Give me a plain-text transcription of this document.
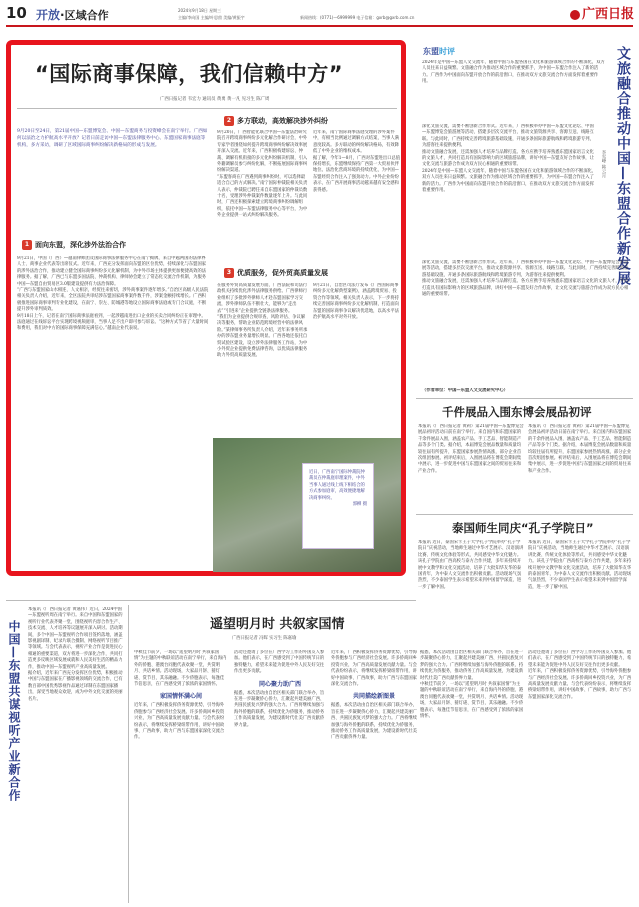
10 开放·区域合作	2024年9月18日 星期三
主编/李向国 主编/叶思茵 美编/黄振宇	新闻热线：(0771)—6999999 电子信箱：gxrb@gxrb.com.cn	广西日报
“国际商事保障，我们信赖中方”
广西日报记者 韦宏力 通讯员 黄勇 黄一凡 见习生 陈广周
9月20日至24日，第21届中国—东盟博览会、中国—东盟商务与投资峰会在南宁举行。广西如何以法治之力护航高水平开放？记者日前走访中国—东盟法律服务中心、东盟国家商事法庭等机构，多方采访，调研了区域国际商事纠纷解决新格局的形成与发展。
1 面向东盟，深化涉外法治合作
9月21日，中国（广西）—越南律师团及国际商事法律服务中心在南宁揭牌，来自中越两国的法律界人士、商事企业代表等出席仪式。近年来，广西充分发挥面向东盟的区位优势，持续深化与东盟国家的涉外法治合作，推动建立健全国际商事纠纷多元化解机制，为中外市场主体提供更加便捷高效的法律服务。据了解，广西已与东盟多国法院、仲裁机构、律师协会建立了常态化交流合作机制，为服务中国—东盟自由贸易区3.0版建设提供有力法治保障。
“广西与东盟国家山水相连、人文相亲，经贸往来密切，涉外商事案件逐年增多。”自治区高级人民法院相关负责人介绍，近年来，全区法院共审结涉东盟国家商事案件数千件，涉案金额持续增长。广西积极推进国际商事审判专业化建设，在南宁、崇左、防城港等地设立国际商事法庭或专门合议庭，不断提升涉外审判质效。
9月18日上午，记者在南宁国际商事法庭看到，一起涉越南进出口企业的买卖合同纠纷正在审理中。法庭通过在线诉讼平台实现跨境视频庭审，当事人足不出户即可参与诉讼。“这种方式节省了大量时间和费用，我们对中方的国际商事保障充满信心。”越南企业代表说。
2 多方联动，高效解决涉外纠纷
9月20日，广西智能化联合中国—东盟法治研究院召开跨境商事纠纷多元化解合作研讨会，中外专家学者围绕如何提升跨境商事纠纷解决效率展开深入交流。近年来，广西积极构建诉讼、仲裁、调解有机衔接的多元化纠纷解决机制，引入外籍调解员参与纠纷化解，不断拓展国际商事纠纷解决渠道。
“东盟客商在广西遇到商事纠纷时，可以选择最适合自己的方式解决。”南宁国际仲裁院相关负责人表示，仲裁院已聘任来自东盟国家的仲裁员数十名，受理涉外仲裁案件数量逐年上升。与此同时，广西还积极探索建立跨境商事纠纷调解组织，依托中国—东盟法律服务中心等平台，为中外企业提供一站式纠纷解决服务。
近年来，南宁国际商事法庭受理的涉外案件中，有相当比例通过调解方式结案，当事人满意度较高。多方联动的纠纷解决格局，有效降低了中外企业的维权成本。
据了解，今年1—8月，广西对东盟进出口总值保持增长，东盟继续保持广西第一大贸易伙伴地位。法治化营商环境的持续优化，为中国—东盟经贸合作注入了强劲动力。中外企业纷纷表示，在广西开展商事活动越来越有安全感和获得感。
3 优质服务，促外贸高质量发展
在服务外贸高质量发展方面，广西法院和司法行政机关持续优化涉外法律服务供给。广西律师行业组织了多批涉外律师人才赴东盟国家学习交流，涉外律师队伍不断壮大，能够为“走出去”“引进来”企业提供全链条法律服务。
“我们为企业提供合规审查、风险评估、争议解决等服务，帮助企业防范跨境经营中的法律风险。”某律师事务所负责人介绍，近年来事务所承办的涉东盟业务量增长明显。广西各地还依托自贸试验区建设，设立涉外法律服务工作站，为中小外贸企业提供免费法律咨询，以优质法律服务助力外贸高质量发展。
9月21日，自治区司法厅发布《广西国际商事纠纷多元化解典型案例》，涵盖跨境贸易、投资合作等领域。相关负责人表示，下一步将持续完善国际商事纠纷多元化解机制，打造面向东盟的国际商事争议解决优选地，以高水平法治护航高水平对外开放。
近日，广西南宁国际仲裁院仲裁员在仲裁庭审理案件，中外当事人通过线上线下相结合的方式参加庭审，高效便捷地解决商事纠纷。

郭柳 摄
东盟时评
2024年是中国—东盟人文交流年，随着中国与东盟各国在文化和旅游领域合作的不断深化，双方人员往来日益频繁。文旅融合作为推动区域合作的重要抓手，为中国—东盟合作注入了新的活力。广西作为中国面向东盟开放合作的前沿窗口，在推动双方文旅交流合作方面发挥着重要作用。	文旅融合推动中国—东盟合作新发展
李雪峰 韩云月
深化文旅交流，需要不断创新合作形式。近年来，广西积极举办中国—东盟文化论坛、中国—东盟博览会旅游展等活动，搭建多层次交流平台，推动文旅资源共享、客源互送、线路互联。与此同时，广西持续完善跨境旅游基础设施，开通多条国际旅游航线和跨境旅游专列，为游客往来提供便利。
推动文旅融合发展，还需加强人才培养与品牌打造。各方应携手培养熟悉东盟国家语言文化的文旅人才，共同打造具有国际影响力的区域旅游品牌，讲好中国—东盟友好合作故事，让文化交流与旅游合作成为双方民心相通的重要纽带。
2024年是中国—东盟人文交流年，随着中国与东盟各国在文化和旅游领域合作的不断深化，双方人员往来日益频繁。文旅融合作为推动区域合作的重要抓手，为中国—东盟合作注入了新的活力。广西作为中国面向东盟开放合作的前沿窗口，在推动双方文旅交流合作方面发挥着重要作用。
深化文旅交流，需要不断创新合作形式。近年来，广西积极举办中国—东盟文化论坛、中国—东盟博览会旅游展等活动，搭建多层次交流平台，推动文旅资源共享、客源互送、线路互联。与此同时，广西持续完善跨境旅游基础设施，开通多条国际旅游航线和跨境旅游专列，为游客往来提供便利。
推动文旅融合发展，还需加强人才培养与品牌打造。各方应携手培养熟悉东盟国家语言文化的文旅人才，共同打造具有国际影响力的区域旅游品牌，讲好中国—东盟友好合作故事，让文化交流与旅游合作成为双方民心相通的重要纽带。
（作者单位：中国—东盟人文交流研究中心）
千件展品入围东博会展品初评
本报讯（广西日报记者 黄莉）第21届中国—东盟博览会展品初评活动日前在南宁举行。来自国内和东盟国家的千余件展品入围，涵盖农产品、手工艺品、智能制造产品等多个门类。据介绍，本届博览会展品数量和质量均较往届有所提升，东盟国家参展热情高涨，部分企业首次组团参展。初评结束后，入围展品将在博览会期间集中展示，进一步促进中国与东盟国家之间的贸易往来和产业合作。
本报讯（广西日报记者 黄莉）第21届中国—东盟博览会展品初评活动日前在南宁举行。来自国内和东盟国家的千余件展品入围，涵盖农产品、手工艺品、智能制造产品等多个门类。据介绍，本届博览会展品数量和质量均较往届有所提升，东盟国家参展热情高涨，部分企业首次组团参展。初评结束后，入围展品将在博览会期间集中展示，进一步促进中国与东盟国家之间的贸易往来和产业合作。
泰国师生同庆“孔子学院日”
本报讯 近日，泰国宋卡王子大学孔子学院举办“孔子学院日”庆祝活动，当地师生通过中华才艺展示、汉语演讲比赛、传统文化体验等形式，共同感受中华文化魅力。该孔子学院由广西高校与泰方合作共建，多年来持续开展中文教学和文化交流活动，培养了大批知华友华的泰国青年，为中泰人文交流作出积极贡献。活动现场气氛热烈，不少泰国学生表示希望未来到中国留学深造，进一步了解中国。
本报讯 近日，泰国宋卡王子大学孔子学院举办“孔子学院日”庆祝活动，当地师生通过中华才艺展示、汉语演讲比赛、传统文化体验等形式，共同感受中华文化魅力。该孔子学院由广西高校与泰方合作共建，多年来持续开展中文教学和文化交流活动，培养了大批知华友华的泰国青年，为中泰人文交流作出积极贡献。活动现场气氛热烈，不少泰国学生表示希望未来到中国留学深造，进一步了解中国。
中国—东盟共谋视听产业新合作
本报讯（广西日报记者 黄嘉伟）近日，2024中国—东盟视听周在南宁举行。来自中国和东盟国家的视听行业代表齐聚一堂，围绕视听内容合作生产、技术交流、人才培养等议题展开深入研讨。活动期间，多个中国—东盟视听合作项目签约落地，涵盖影视剧译制、纪录片联合摄制、网络视听节目推广等领域。与会代表表示，视听产业合作是促进民心相通的重要渠道，双方将进一步深化合作，共同打造更多反映区域发展成就和人民美好生活的精品力作，推动中国—东盟视听产业高质量发展。
据介绍，近年来广西充分发挥区位优势，积极推动中国与东盟国家在广播影视领域的交流合作，已有数百部中国优秀影视作品通过译制在东盟国家播出，深受当地观众欢迎，成为中外文化交流的亮丽名片。
遥望明月时 共叙家国情
广西日报记者 冯晖 实习生 陈嘉瑜
中秋佳节前夕，一场以“遥望明月时 共叙家国情”为主题的中秋联谊活动在南宁举行，来自海内外的侨胞、港澳台同胞代表欢聚一堂，共赏明月、共话乡情。活动现场，大家品月饼、猜灯谜、赏节目，其乐融融。不少侨胞表示，每逢佳节倍思亲，在广西感受到了浓浓的家国情怀。
家国情怀满心间
近年来，广西积极发挥侨务资源优势，引导海外侨胞参与广西经济社会发展。许多侨商回乡投资兴业，为广西高质量发展贡献力量。与会代表纷纷表示，将继续发挥桥梁纽带作用，讲好中国故事、广西故事，助力广西与东盟国家深化交流合作。
活动还邀请了多位在广西学习工作的外国友人参加。他们表示，在广西感受到了中国传统节日的独特魅力，希望未来能为促进中外人民友好交往作出更多贡献。
同心聚力助广西
据悉，本次活动由自治区相关部门联合举办，旨在进一步凝聚侨心侨力，汇聚起共建美丽广西、共圆民族复兴梦的强大合力。广西将继续加强与海外侨胞的联系，持续优化为侨服务，推动侨务工作高质量发展，为建设新时代壮美广西贡献侨界力量。
近年来，广西积极发挥侨务资源优势，引导海外侨胞参与广西经济社会发展。许多侨商回乡投资兴业，为广西高质量发展贡献力量。与会代表纷纷表示，将继续发挥桥梁纽带作用，讲好中国故事、广西故事，助力广西与东盟国家深化交流合作。
共同描绘新图景
据悉，本次活动由自治区相关部门联合举办，旨在进一步凝聚侨心侨力，汇聚起共建美丽广西、共圆民族复兴梦的强大合力。广西将继续加强与海外侨胞的联系，持续优化为侨服务，推动侨务工作高质量发展，为建设新时代壮美广西贡献侨界力量。
据悉，本次活动由自治区相关部门联合举办，旨在进一步凝聚侨心侨力，汇聚起共建美丽广西、共圆民族复兴梦的强大合力。广西将继续加强与海外侨胞的联系，持续优化为侨服务，推动侨务工作高质量发展，为建设新时代壮美广西贡献侨界力量。
中秋佳节前夕，一场以“遥望明月时 共叙家国情”为主题的中秋联谊活动在南宁举行，来自海内外的侨胞、港澳台同胞代表欢聚一堂，共赏明月、共话乡情。活动现场，大家品月饼、猜灯谜、赏节目，其乐融融。不少侨胞表示，每逢佳节倍思亲，在广西感受到了浓浓的家国情怀。
活动还邀请了多位在广西学习工作的外国友人参加。他们表示，在广西感受到了中国传统节日的独特魅力，希望未来能为促进中外人民友好交往作出更多贡献。
近年来，广西积极发挥侨务资源优势，引导海外侨胞参与广西经济社会发展。许多侨商回乡投资兴业，为广西高质量发展贡献力量。与会代表纷纷表示，将继续发挥桥梁纽带作用，讲好中国故事、广西故事，助力广西与东盟国家深化交流合作。
